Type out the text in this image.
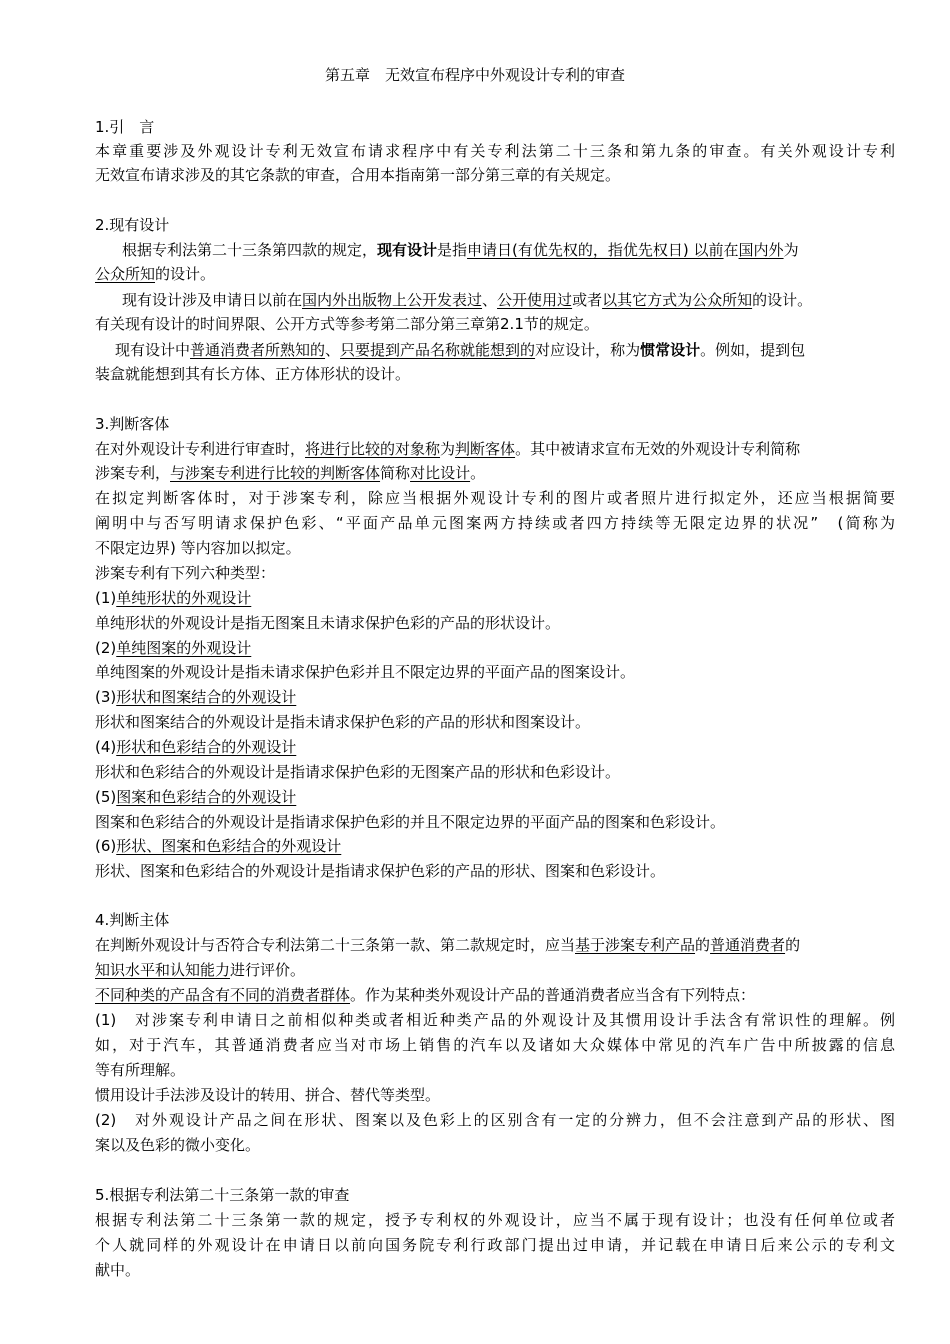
第五章　无效宣布程序中外观设计专利的审查
1.引　言
本章重要涉及外观设计专利无效宣布请求程序中有关专利法第二十三条和第九条的审查。有关外观设计专利
无效宣布请求涉及的其它条款的审查，合用本指南第一部分第三章的有关规定。
2.现有设计
根据专利法第二十三条第四款的规定，现有设计是指申请日(有优先权的，指优先权日) 以前在国内外为
公众所知的设计。
现有设计涉及申请日以前在国内外出版物上公开发表过、公开使用过或者以其它方式为公众所知的设计。
有关现有设计的时间界限、公开方式等参考第二部分第三章第2.1节的规定。
现有设计中普通消费者所熟知的、只要提到产品名称就能想到的对应设计，称为惯常设计。例如，提到包
装盒就能想到其有长方体、正方体形状的设计。
3.判断客体
在对外观设计专利进行审查时，将进行比较的对象称为判断客体。其中被请求宣布无效的外观设计专利简称
涉案专利，与涉案专利进行比较的判断客体简称对比设计。
在拟定判断客体时，对于涉案专利，除应当根据外观设计专利的图片或者照片进行拟定外，还应当根据简要
阐明中与否写明请求保护色彩、“平面产品单元图案两方持续或者四方持续等无限定边界的状况”　(简称为
不限定边界) 等内容加以拟定。
涉案专利有下列六种类型：
(1)单纯形状的外观设计
单纯形状的外观设计是指无图案且未请求保护色彩的产品的形状设计。
(2)单纯图案的外观设计
单纯图案的外观设计是指未请求保护色彩并且不限定边界的平面产品的图案设计。
(3)形状和图案结合的外观设计
形状和图案结合的外观设计是指未请求保护色彩的产品的形状和图案设计。
(4)形状和色彩结合的外观设计
形状和色彩结合的外观设计是指请求保护色彩的无图案产品的形状和色彩设计。
(5)图案和色彩结合的外观设计
图案和色彩结合的外观设计是指请求保护色彩的并且不限定边界的平面产品的图案和色彩设计。
(6)形状、图案和色彩结合的外观设计
形状、图案和色彩结合的外观设计是指请求保护色彩的产品的形状、图案和色彩设计。
4.判断主体
在判断外观设计与否符合专利法第二十三条第一款、第二款规定时，应当基于涉案专利产品的普通消费者的
知识水平和认知能力进行评价。
不同种类的产品含有不同的消费者群体。作为某种类外观设计产品的普通消费者应当含有下列特点：
(1)　对涉案专利申请日之前相似种类或者相近种类产品的外观设计及其惯用设计手法含有常识性的理解。例
如，对于汽车，其普通消费者应当对市场上销售的汽车以及诸如大众媒体中常见的汽车广告中所披露的信息
等有所理解。
惯用设计手法涉及设计的转用、拼合、替代等类型。
(2)　对外观设计产品之间在形状、图案以及色彩上的区别含有一定的分辨力，但不会注意到产品的形状、图
案以及色彩的微小变化。
5.根据专利法第二十三条第一款的审查
根据专利法第二十三条第一款的规定，授予专利权的外观设计，应当不属于现有设计；也没有任何单位或者
个人就同样的外观设计在申请日以前向国务院专利行政部门提出过申请，并记载在申请日后来公示的专利文
献中。
